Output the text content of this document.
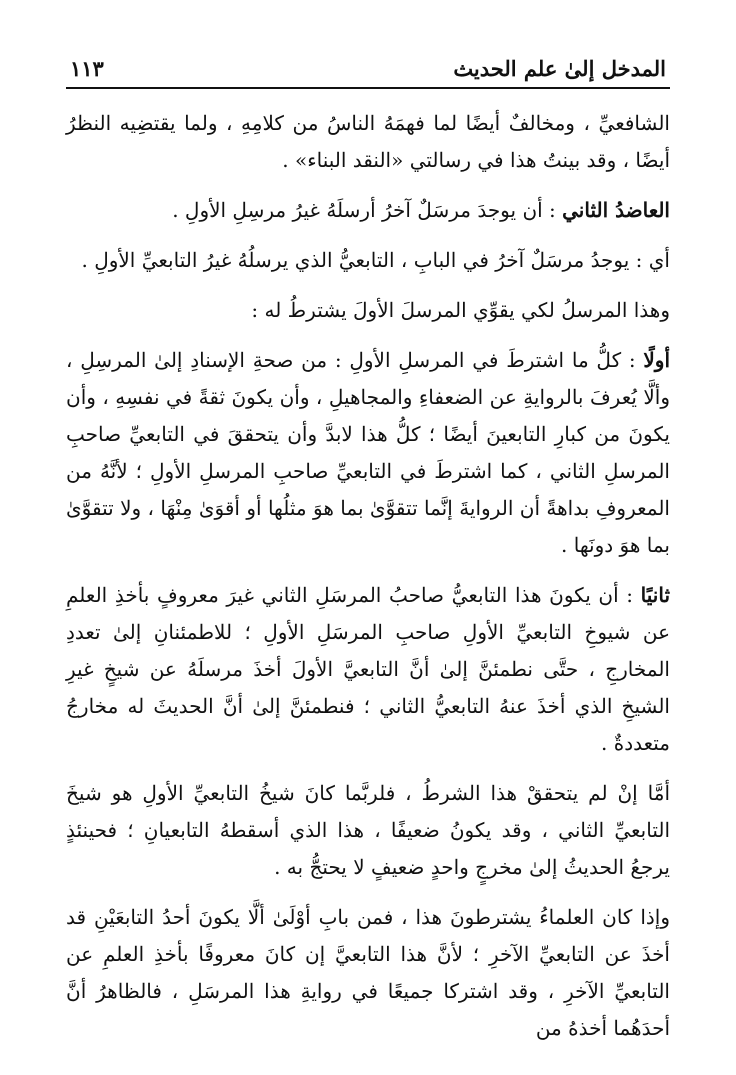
المدخل إلىٰ علم الحديث
١١٣

الشافعيِّ ، ومخالفٌ أيضًا لما فهمَهُ الناسُ من كلامِهِ ، ولما يقتضِيه النظرُ أيضًا ، وقد بينتُ هذا في رسالتي «النقد البناء» .

العاضدُ الثاني : أن يوجدَ مرسَلٌ آخرُ أرسلَهُ غيرُ مرسِلِ الأولِ .

أي : يوجدُ مرسَلٌ آخرُ في البابِ ، التابعيُّ الذي يرسلُهُ غيرُ التابعيِّ الأولِ .

وهذا المرسلُ لكي يقوِّي المرسلَ الأولَ يشترطُ له :

أولًا : كلُّ ما اشترطَ في المرسلِ الأولِ : من صحةِ الإسنادِ إلىٰ المرسِلِ ، وألَّا يُعرفَ بالروايةِ عن الضعفاءِ والمجاهيلِ ، وأن يكونَ ثقةً في نفسِهِ ، وأن يكونَ من كبارِ التابعينَ أيضًا ؛ كلُّ هذا لابدَّ وأن يتحققَ في التابعيِّ صاحبِ المرسلِ الثاني ، كما اشترطَ في التابعيِّ صاحبِ المرسلِ الأولِ ؛ لأنَّهُ من المعروفِ بداهةً أن الروايةَ إنَّما تتقوَّىٰ بما هوَ مثلُها أو أقوَىٰ مِنْهَا ، ولا تتقوَّىٰ بما هوَ دونَها .

ثانيًا : أن يكونَ هذا التابعيُّ صاحبُ المرسَلِ الثاني غيرَ معروفٍ بأخذِ العلمِ عن شيوخِ التابعيِّ الأولِ صاحبِ المرسَلِ الأولِ ؛ للاطمئنانِ إلىٰ تعددِ المخارجِ ، حتَّى نطمئنَّ إلىٰ أنَّ التابعيَّ الأولَ أخذَ مرسلَهُ عن شيخٍ غيرِ الشيخِ الذي أخذَ عنهُ التابعيُّ الثاني ؛ فنطمئنَّ إلىٰ أنَّ الحديثَ له مخارجُ متعددةٌ .

أمَّا إنْ لم يتحققْ هذا الشرطُ ، فلربَّما كانَ شيخُ التابعيِّ الأولِ هو شيخَ التابعيِّ الثاني ، وقد يكونُ ضعيفًا ، هذا الذي أسقطهُ التابعيانِ ؛ فحينئذٍ يرجعُ الحديثُ إلىٰ مخرجٍ واحدٍ ضعيفٍ لا يحتجُّ به .

وإذا كان العلماءُ يشترطونَ هذا ، فمن بابِ أوْلَىٰ ألَّا يكونَ أحدُ التابعَيْنِ قد أخذَ عن التابعيِّ الآخرِ ؛ لأنَّ هذا التابعيَّ إن كانَ معروفًا بأخذِ العلمِ عن التابعيِّ الآخرِ ، وقد اشتركا جميعًا في روايةِ هذا المرسَلِ ، فالظاهرُ أنَّ أحدَهُما أخذهُ من
